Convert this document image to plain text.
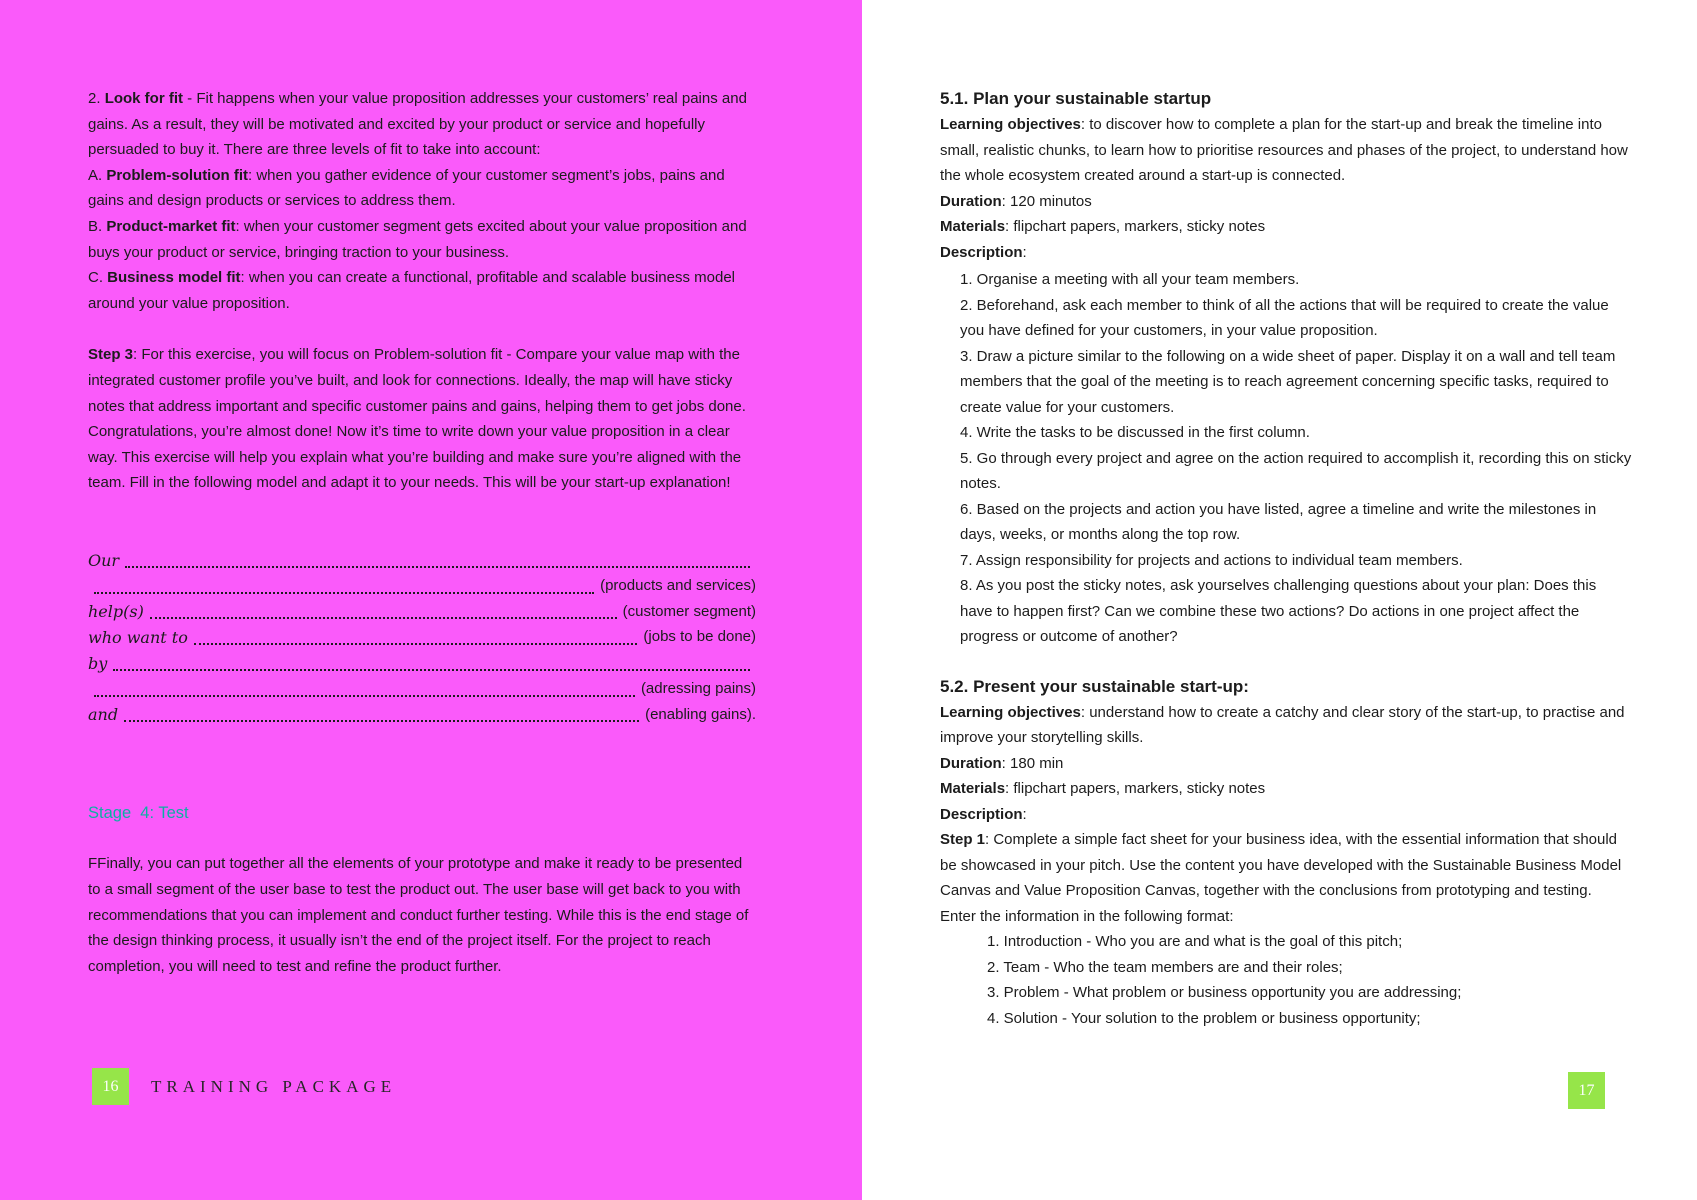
2. Look for fit - Fit happens when your value proposition addresses your customers’ real pains and gains. As a result, they will be motivated and excited by your product or service and hopefully persuaded to buy it. There are three levels of fit to take into account:

A. Problem-solution fit: when you gather evidence of your customer segment’s jobs, pains and gains and design products or services to address them.

B. Product-market fit: when your customer segment gets excited about your value proposition and buys your product or service, bringing traction to your business.

C. Business model fit: when you can create a functional, profitable and scalable business model around your value proposition.

Step 3: For this exercise, you will focus on Problem-solution fit - Compare your value map with the integrated customer profile you’ve built, and look for connections. Ideally, the map will have sticky notes that address important and specific customer pains and gains, helping them to get jobs done.

Congratulations, you’re almost done! Now it’s time to write down your value proposition in a clear way. This exercise will help you explain what you’re building and make sure you’re aligned with the team. Fill in the following model and adapt it to your needs. This will be your start-up explanation!

Our
(products and services)
help(s)	(customer segment)
who want to	(jobs to be done)
by
(adressing pains)
and	(enabling gains).
Stage  4: Test

FFinally, you can put together all the elements of your prototype and make it ready to be presented to a small segment of the user base to test the product out. The user base will get back to you with recommendations that you can implement and conduct further testing. While this is the end stage of the design thinking process, it usually isn’t the end of the project itself. For the project to reach completion, you will need to test and refine the product further.

16	TRAINING PACKAGE
5.1. Plan your sustainable startup

Learning objectives: to discover how to complete a plan for the start-up and break the timeline into small, realistic chunks, to learn how to prioritise resources and phases of the project, to understand how the whole ecosystem created around a start-up is connected.

Duration: 120 minutos

Materials: flipchart papers, markers, sticky notes

Description:

1. Organise a meeting with all your team members.

2. Beforehand, ask each member to think of all the actions that will be required to create the value you have defined for your customers, in your value proposition.

3. Draw a picture similar to the following on a wide sheet of paper. Display it on a wall and tell team members that the goal of the meeting is to reach agreement concerning specific tasks, required to create value for your customers.

4. Write the tasks to be discussed in the first column.

5. Go through every project and agree on the action required to accomplish it, recording this on sticky notes.

6. Based on the projects and action you have listed, agree a timeline and write the milestones in days, weeks, or months along the top row.

7. Assign responsibility for projects and actions to individual team members.

8. As you post the sticky notes, ask yourselves challenging questions about your plan: Does this have to happen first? Can we combine these two actions? Do actions in one project affect the progress or outcome of another?

5.2. Present your sustainable start-up:

Learning objectives: understand how to create a catchy and clear story of the start-up, to practise and improve your storytelling skills.

Duration: 180 min

Materials: flipchart papers, markers, sticky notes

Description:

Step 1: Complete a simple fact sheet for your business idea, with the essential information that should be showcased in your pitch. Use the content you have developed with the Sustainable Business Model Canvas and Value Proposition Canvas, together with the conclusions from prototyping and testing.

Enter the information in the following format:

1. Introduction - Who you are and what is the goal of this pitch;

2. Team - Who the team members are and their roles;

3. Problem - What problem or business opportunity you are addressing;

4. Solution - Your solution to the problem or business opportunity;

17
